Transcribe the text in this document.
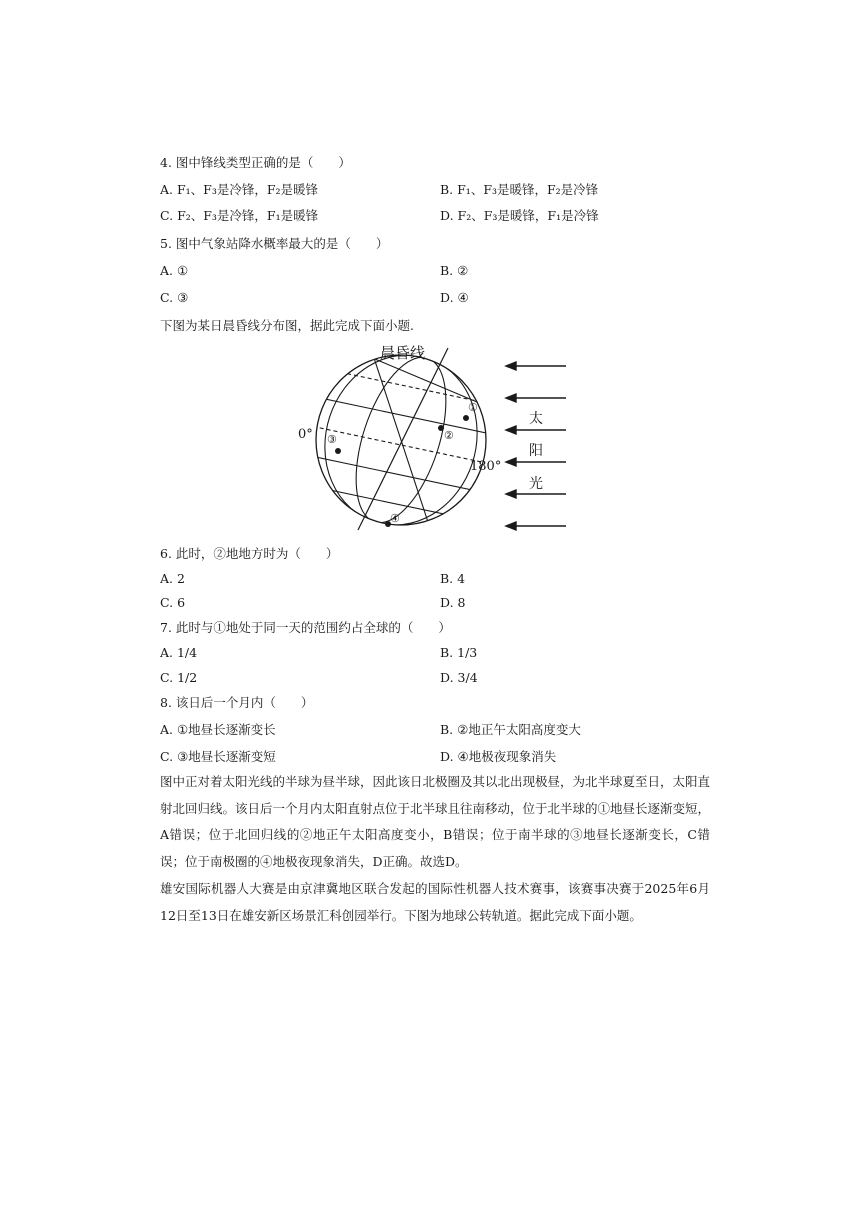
4. 图中锋线类型正确的是（　　）
A. F₁、F₃是冷锋，F₂是暖锋	B. F₁、F₃是暖锋，F₂是冷锋
C. F₂、F₃是冷锋，F₁是暖锋	D. F₂、F₃是暖锋，F₁是冷锋
5. 图中气象站降水概率最大的是（　　）
A. ①	B. ②
C. ③	D. ④
下图为某日晨昏线分布图，据此完成下面小题.
①
②
③
④
晨昏线
0°
180°
太
阳
光
6. 此时，②地地方时为（　　）
A. 2	B. 4
C. 6	D. 8
7. 此时与①地处于同一天的范围约占全球的（　　）
A. 1/4	B. 1/3
C. 1/2	D. 3/4
8. 该日后一个月内（　　）
A. ①地昼长逐渐变长	B. ②地正午太阳高度变大
C. ③地昼长逐渐变短	D. ④地极夜现象消失
图中正对着太阳光线的半球为昼半球，因此该日北极圈及其以北出现极昼，为北半球夏至日，太阳直射北回归线。该日后一个月内太阳直射点位于北半球且往南移动，位于北半球的①地昼长逐渐变短，A错误；位于北回归线的②地正午太阳高度变小，B错误；位于南半球的③地昼长逐渐变长，C错误；位于南极圈的④地极夜现象消失，D正确。故选D。
雄安国际机器人大赛是由京津冀地区联合发起的国际性机器人技术赛事，该赛事决赛于2025年6月12日至13日在雄安新区场景汇科创园举行。下图为地球公转轨道。据此完成下面小题。
